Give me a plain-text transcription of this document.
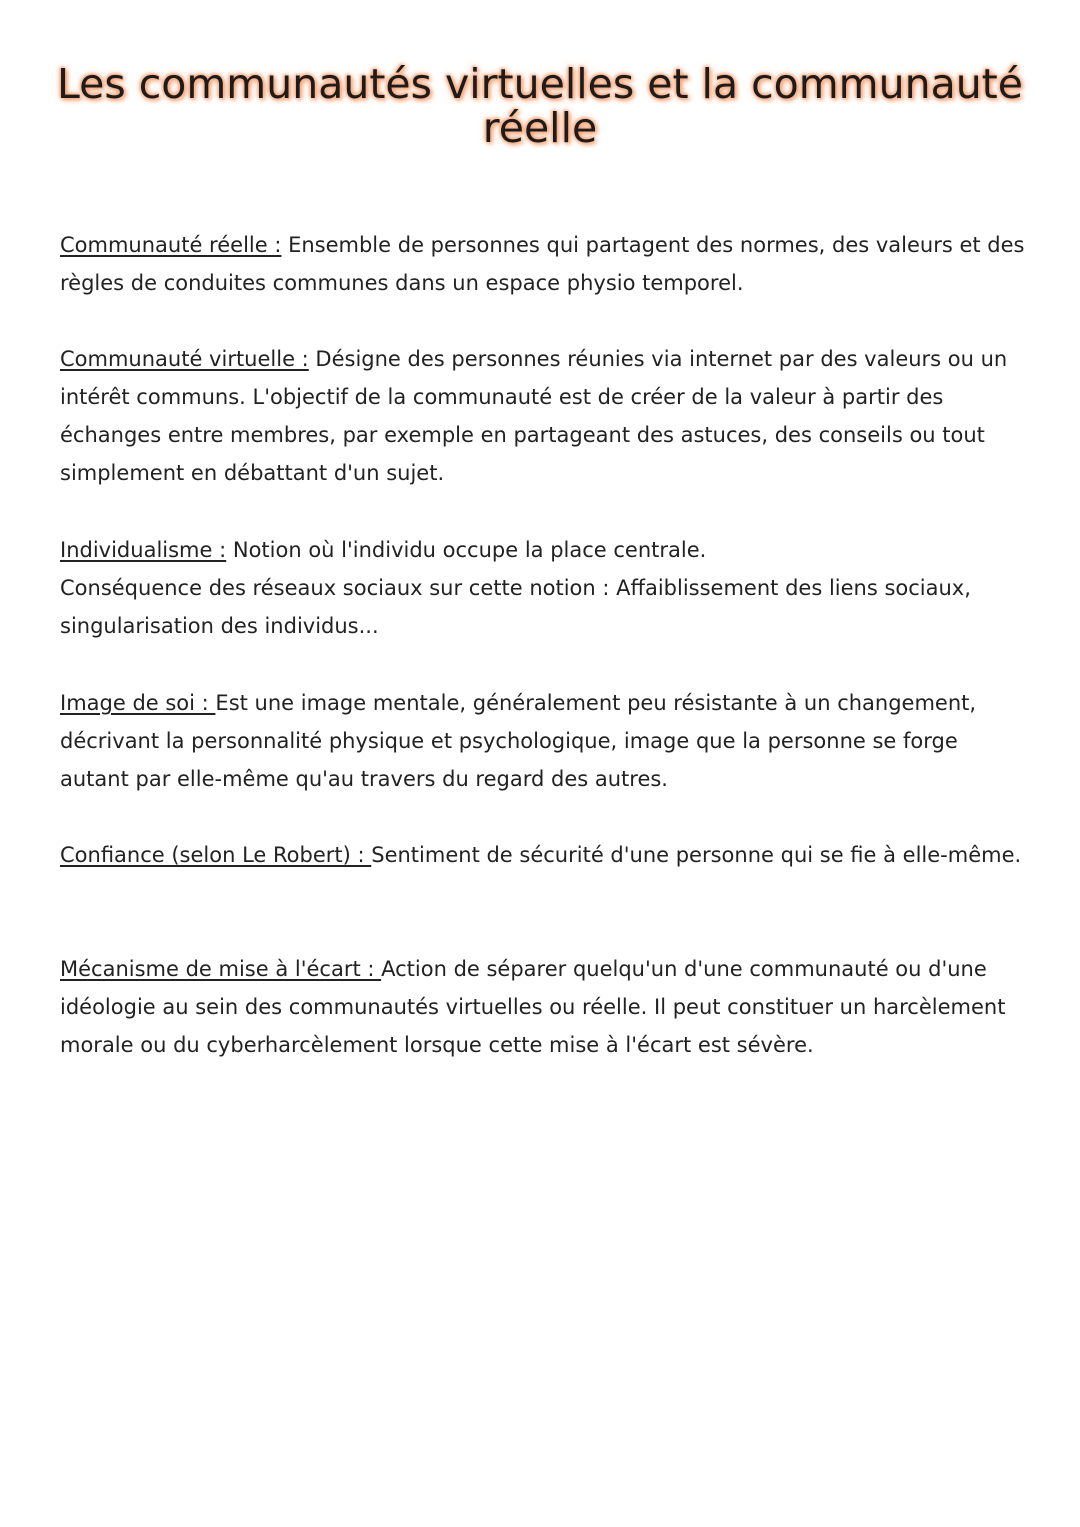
Les communautés virtuelles et la communauté réelle

Communauté réelle : Ensemble de personnes qui partagent des normes, des valeurs et des règles de conduites communes dans un espace physio temporel.

Communauté virtuelle : Désigne des personnes réunies via internet par des valeurs ou un intérêt communs. L'objectif de la communauté est de créer de la valeur à partir des échanges entre membres, par exemple en partageant des astuces, des conseils ou tout simplement en débattant d'un sujet.

Individualisme : Notion où l'individu occupe la place centrale.
Conséquence des réseaux sociaux sur cette notion : Affaiblissement des liens sociaux, singularisation des individus...

Image de soi : Est une image mentale, généralement peu résistante à un changement, décrivant la personnalité physique et psychologique, image que la personne se forge autant par elle-même qu'au travers du regard des autres.

Confiance (selon Le Robert) : Sentiment de sécurité d'une personne qui se fie à elle-même.

Mécanisme de mise à l'écart : Action de séparer quelqu'un d'une communauté ou d'une idéologie au sein des communautés virtuelles ou réelle. Il peut constituer un harcèlement morale ou du cyberharcèlement lorsque cette mise à l'écart est sévère.
